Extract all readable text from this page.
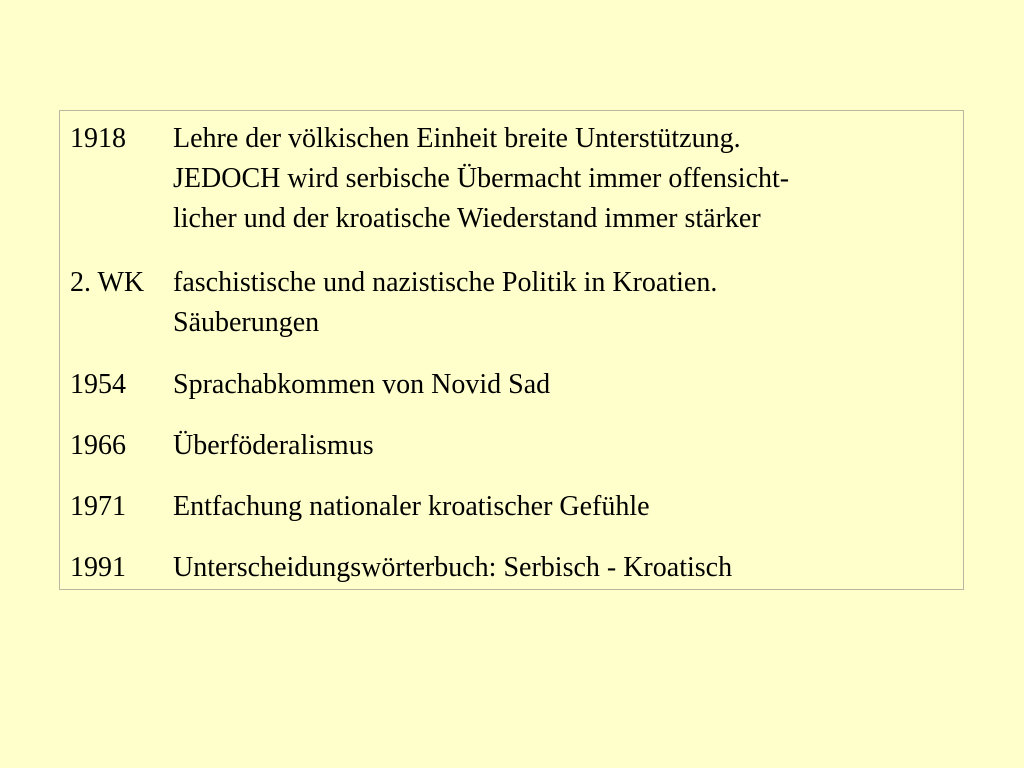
1918 Lehre der völkischen Einheit breite Unterstützung.
JEDOCH wird serbische Übermacht immer offensicht-
licher und der kroatische Wiederstand immer stärker
2. WK faschistische und nazistische Politik in Kroatien.
Säuberungen
1954 Sprachabkommen von Novid Sad
1966 Überföderalismus
1971 Entfachung nationaler kroatischer Gefühle
1991 Unterscheidungswörterbuch: Serbisch - Kroatisch
